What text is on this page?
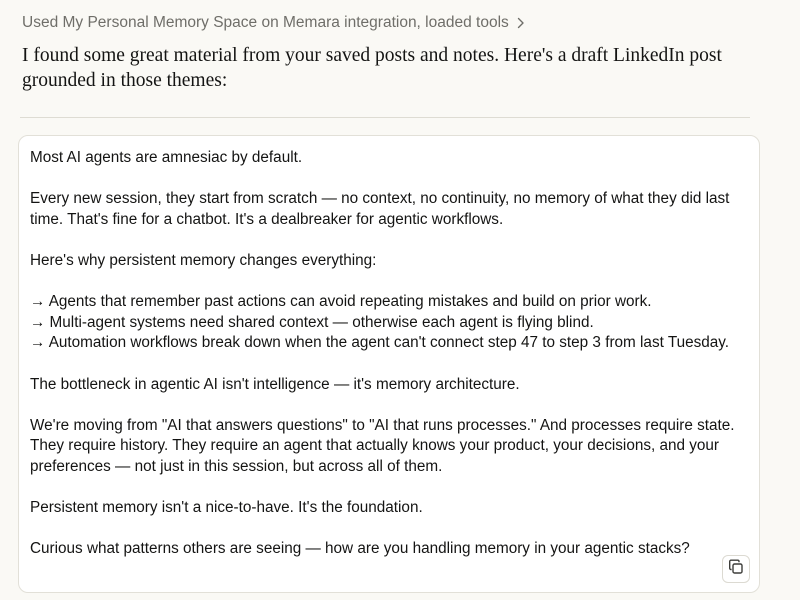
Used My Personal Memory Space on Memara integration, loaded tools
I found some great material from your saved posts and notes. Here's a draft LinkedIn post grounded in those themes:

Most AI agents are amnesiac by default.

Every new session, they start from scratch — no context, no continuity, no memory of what they did last time. That's fine for a chatbot. It's a dealbreaker for agentic workflows.

Here's why persistent memory changes everything:

→ Agents that remember past actions can avoid repeating mistakes and build on prior work.
→ Multi-agent systems need shared context — otherwise each agent is flying blind.
→ Automation workflows break down when the agent can't connect step 47 to step 3 from last Tuesday.

The bottleneck in agentic AI isn't intelligence — it's memory architecture.

We're moving from "AI that answers questions" to "AI that runs processes." And processes require state. They require history. They require an agent that actually knows your product, your decisions, and your preferences — not just in this session, but across all of them.

Persistent memory isn't a nice-to-have. It's the foundation.

Curious what patterns others are seeing — how are you handling memory in your agentic stacks?
